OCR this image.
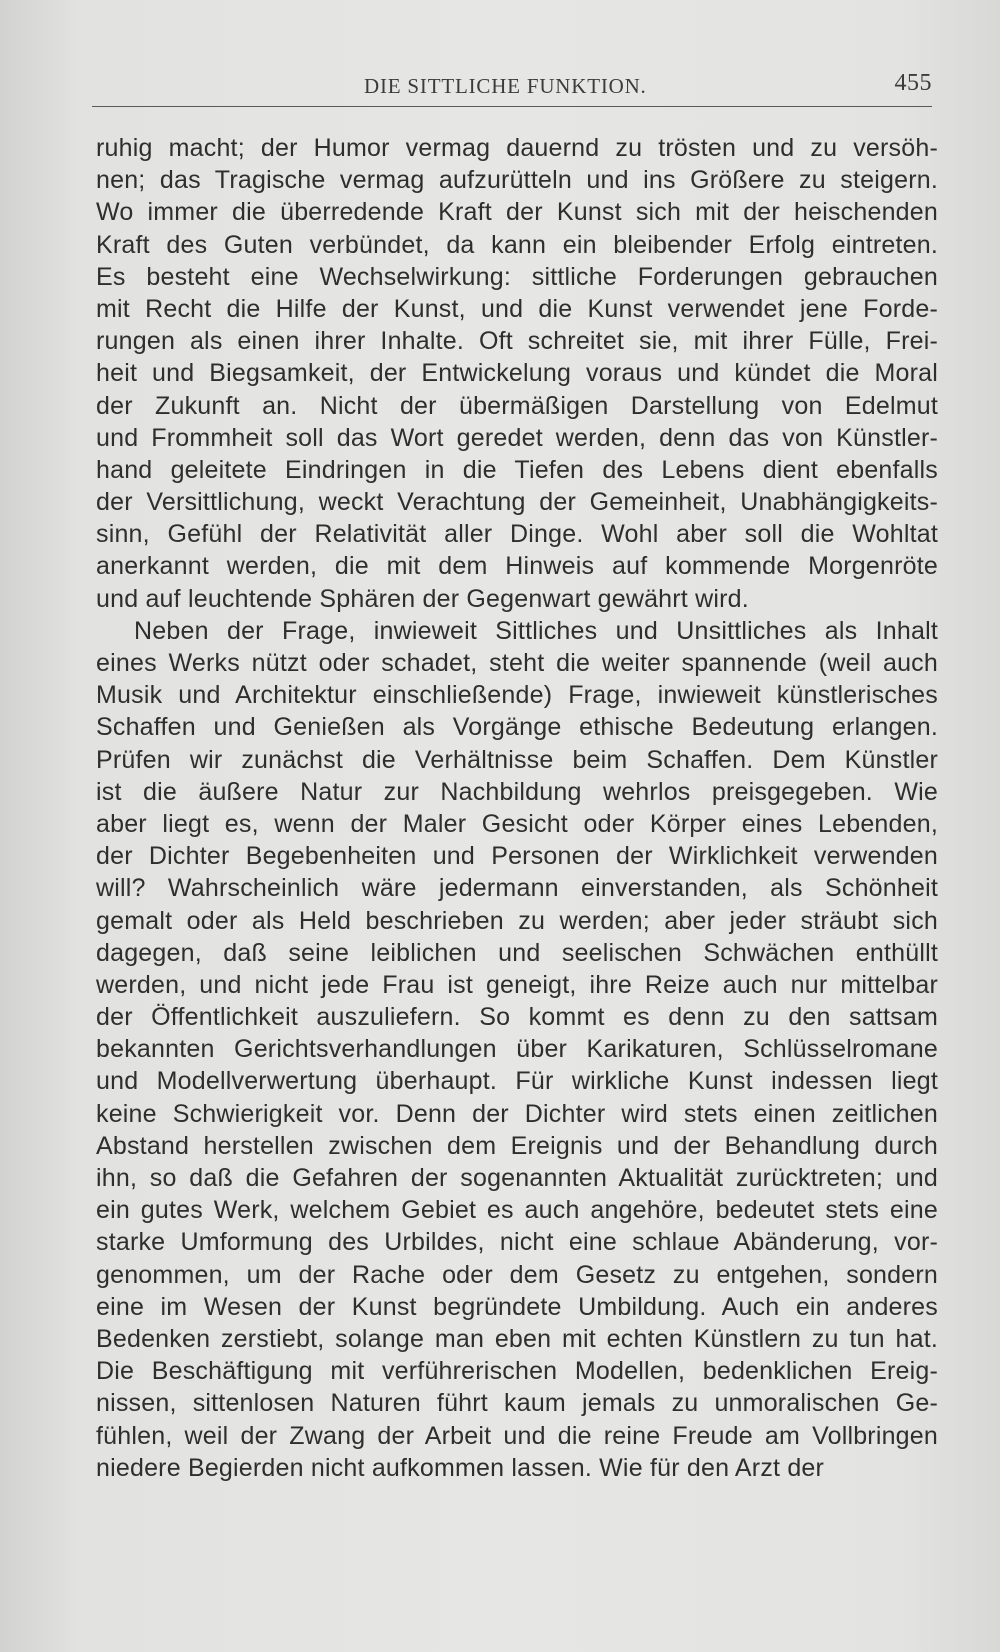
DIE SITTLICHE FUNKTION.	455
ruhig macht; der Humor vermag dauernd zu trösten und zu versöh-
nen; das Tragische vermag aufzurütteln und ins Größere zu steigern.
Wo immer die überredende Kraft der Kunst sich mit der heischenden
Kraft des Guten verbündet, da kann ein bleibender Erfolg eintreten.
Es besteht eine Wechselwirkung: sittliche Forderungen gebrauchen
mit Recht die Hilfe der Kunst, und die Kunst verwendet jene Forde-
rungen als einen ihrer Inhalte. Oft schreitet sie, mit ihrer Fülle, Frei-
heit und Biegsamkeit, der Entwickelung voraus und kündet die Moral
der Zukunft an. Nicht der übermäßigen Darstellung von Edelmut
und Frommheit soll das Wort geredet werden, denn das von Künstler-
hand geleitete Eindringen in die Tiefen des Lebens dient ebenfalls
der Versittlichung, weckt Verachtung der Gemeinheit, Unabhängigkeits-
sinn, Gefühl der Relativität aller Dinge. Wohl aber soll die Wohltat
anerkannt werden, die mit dem Hinweis auf kommende Morgenröte
und auf leuchtende Sphären der Gegenwart gewährt wird.
Neben der Frage, inwieweit Sittliches und Unsittliches als Inhalt
eines Werks nützt oder schadet, steht die weiter spannende (weil auch
Musik und Architektur einschließende) Frage, inwieweit künstlerisches
Schaffen und Genießen als Vorgänge ethische Bedeutung erlangen.
Prüfen wir zunächst die Verhältnisse beim Schaffen. Dem Künstler
ist die äußere Natur zur Nachbildung wehrlos preisgegeben. Wie
aber liegt es, wenn der Maler Gesicht oder Körper eines Lebenden,
der Dichter Begebenheiten und Personen der Wirklichkeit verwenden
will? Wahrscheinlich wäre jedermann einverstanden, als Schönheit
gemalt oder als Held beschrieben zu werden; aber jeder sträubt sich
dagegen, daß seine leiblichen und seelischen Schwächen enthüllt
werden, und nicht jede Frau ist geneigt, ihre Reize auch nur mittelbar
der Öffentlichkeit auszuliefern. So kommt es denn zu den sattsam
bekannten Gerichtsverhandlungen über Karikaturen, Schlüsselromane
und Modellverwertung überhaupt. Für wirkliche Kunst indessen liegt
keine Schwierigkeit vor. Denn der Dichter wird stets einen zeitlichen
Abstand herstellen zwischen dem Ereignis und der Behandlung durch
ihn, so daß die Gefahren der sogenannten Aktualität zurücktreten; und
ein gutes Werk, welchem Gebiet es auch angehöre, bedeutet stets eine
starke Umformung des Urbildes, nicht eine schlaue Abänderung, vor-
genommen, um der Rache oder dem Gesetz zu entgehen, sondern
eine im Wesen der Kunst begründete Umbildung. Auch ein anderes
Bedenken zerstiebt, solange man eben mit echten Künstlern zu tun hat.
Die Beschäftigung mit verführerischen Modellen, bedenklichen Ereig-
nissen, sittenlosen Naturen führt kaum jemals zu unmoralischen Ge-
fühlen, weil der Zwang der Arbeit und die reine Freude am Vollbringen
niedere Begierden nicht aufkommen lassen. Wie für den Arzt der
